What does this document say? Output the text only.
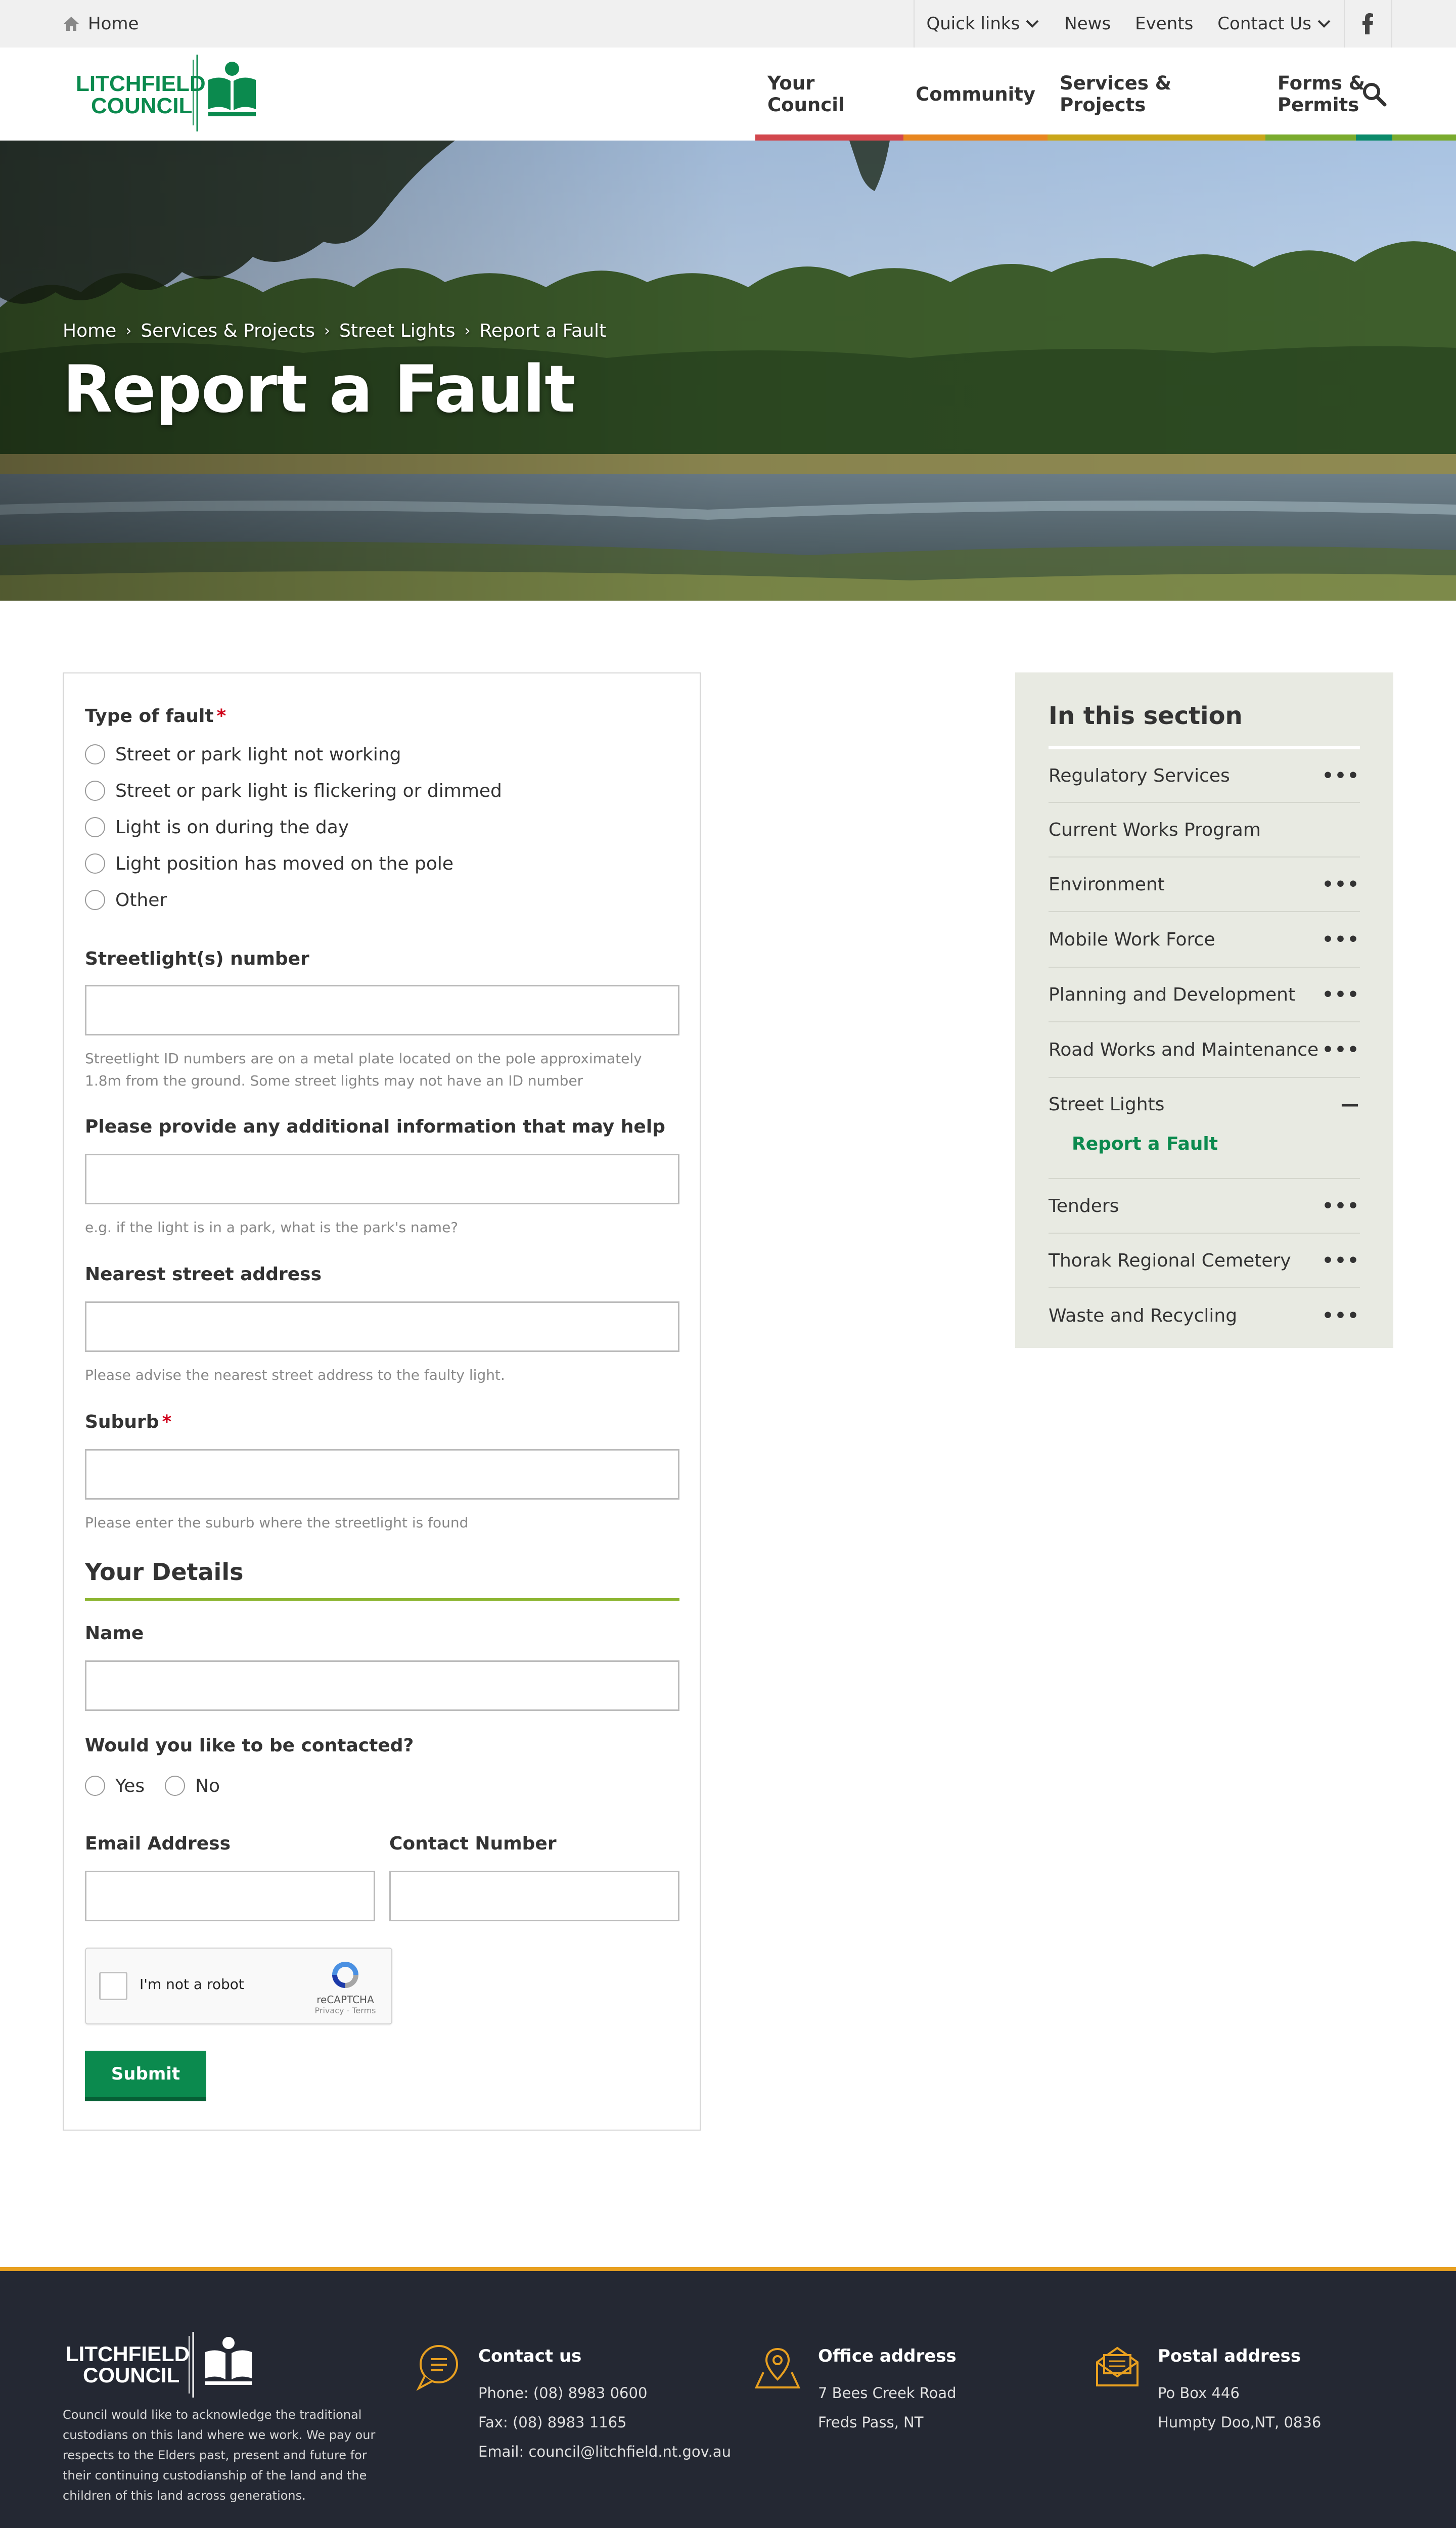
Home	Quick links	News Events Contact Us
LITCHFIELD
COUNCIL
Your Council	Community Services & Projects
Forms & Permits
Home › Services & Projects › Street Lights › Report a Fault
Report a Fault
Type of fault *
Street or park light not working
Street or park light is flickering or dimmed
Light is on during the day
Light position has moved on the pole
Other
Streetlight(s) number
Streetlight ID numbers are on a metal plate located on the pole approximately 1.8m from the ground. Some street lights may not have an ID number
Please provide any additional information that may help
e.g. if the light is in a park, what is the park's name?
Nearest street address
Please advise the nearest street address to the faulty light.
Suburb *
Please enter the suburb where the streetlight is found
Your Details
Name
Would you like to be contacted?
Yes	No
Email Address	Contact Number
I'm not a robot
reCAPTCHA
Privacy - Terms
Submit
In this section
Regulatory Services	•••
Current Works Program
Environment	•••
Mobile Work Force	•••
Planning and Development •••
Road Works and Maintenance •••
Street Lights	—
Report a Fault
Tenders	•••
Thorak Regional Cemetery •••
Waste and Recycling	•••
LITCHFIELD
COUNCIL
Council would like to acknowledge the traditional custodians on this land where we work. We pay our respects to the Elders past, present and future for their continuing custodianship of the land and the children of this land across generations.
Contact us
Phone: (08) 8983 0600
Fax: (08) 8983 1165
Email: council@litchfield.nt.gov.au
Office address
7 Bees Creek Road
Freds Pass, NT
Postal address
Po Box 446
Humpty Doo,NT, 0836
